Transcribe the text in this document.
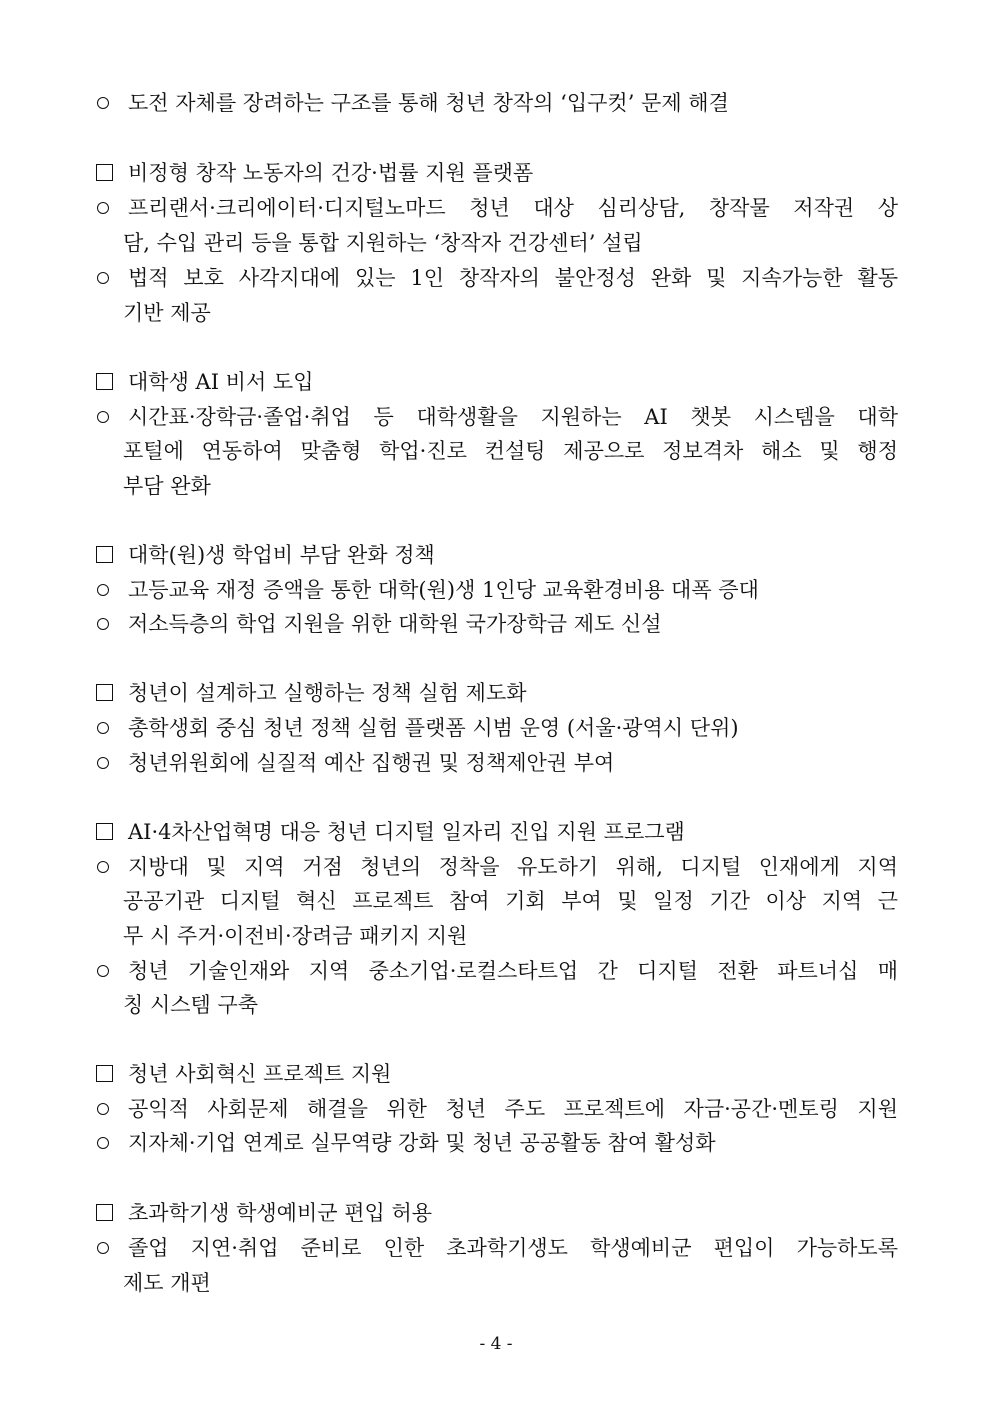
도전 자체를 장려하는 구조를 통해 청년 창작의 ‘입구컷’ 문제 해결
비정형 창작 노동자의 건강·법률 지원 플랫폼
프리랜서·크리에이터·디지털노마드 청년 대상 심리상담, 창작물 저작권 상
담, 수입 관리 등을 통합 지원하는 ‘창작자 건강센터’ 설립
법적 보호 사각지대에 있는 1인 창작자의 불안정성 완화 및 지속가능한 활동
기반 제공
대학생 AI 비서 도입
시간표·장학금·졸업·취업 등 대학생활을 지원하는 AI 챗봇 시스템을 대학
포털에 연동하여 맞춤형 학업·진로 컨설팅 제공으로 정보격차 해소 및 행정
부담 완화
대학(원)생 학업비 부담 완화 정책
고등교육 재정 증액을 통한 대학(원)생 1인당 교육환경비용 대폭 증대
저소득층의 학업 지원을 위한 대학원 국가장학금 제도 신설
청년이 설계하고 실행하는 정책 실험 제도화
총학생회 중심 청년 정책 실험 플랫폼 시범 운영 (서울·광역시 단위)
청년위원회에 실질적 예산 집행권 및 정책제안권 부여
AI·4차산업혁명 대응 청년 디지털 일자리 진입 지원 프로그램
지방대 및 지역 거점 청년의 정착을 유도하기 위해, 디지털 인재에게 지역
공공기관 디지털 혁신 프로젝트 참여 기회 부여 및 일정 기간 이상 지역 근
무 시 주거·이전비·장려금 패키지 지원
청년 기술인재와 지역 중소기업·로컬스타트업 간 디지털 전환 파트너십 매
칭 시스템 구축
청년 사회혁신 프로젝트 지원
공익적 사회문제 해결을 위한 청년 주도 프로젝트에 자금·공간·멘토링 지원
지자체·기업 연계로 실무역량 강화 및 청년 공공활동 참여 활성화
초과학기생 학생예비군 편입 허용
졸업 지연·취업 준비로 인한 초과학기생도 학생예비군 편입이 가능하도록
제도 개편
- 4 -
